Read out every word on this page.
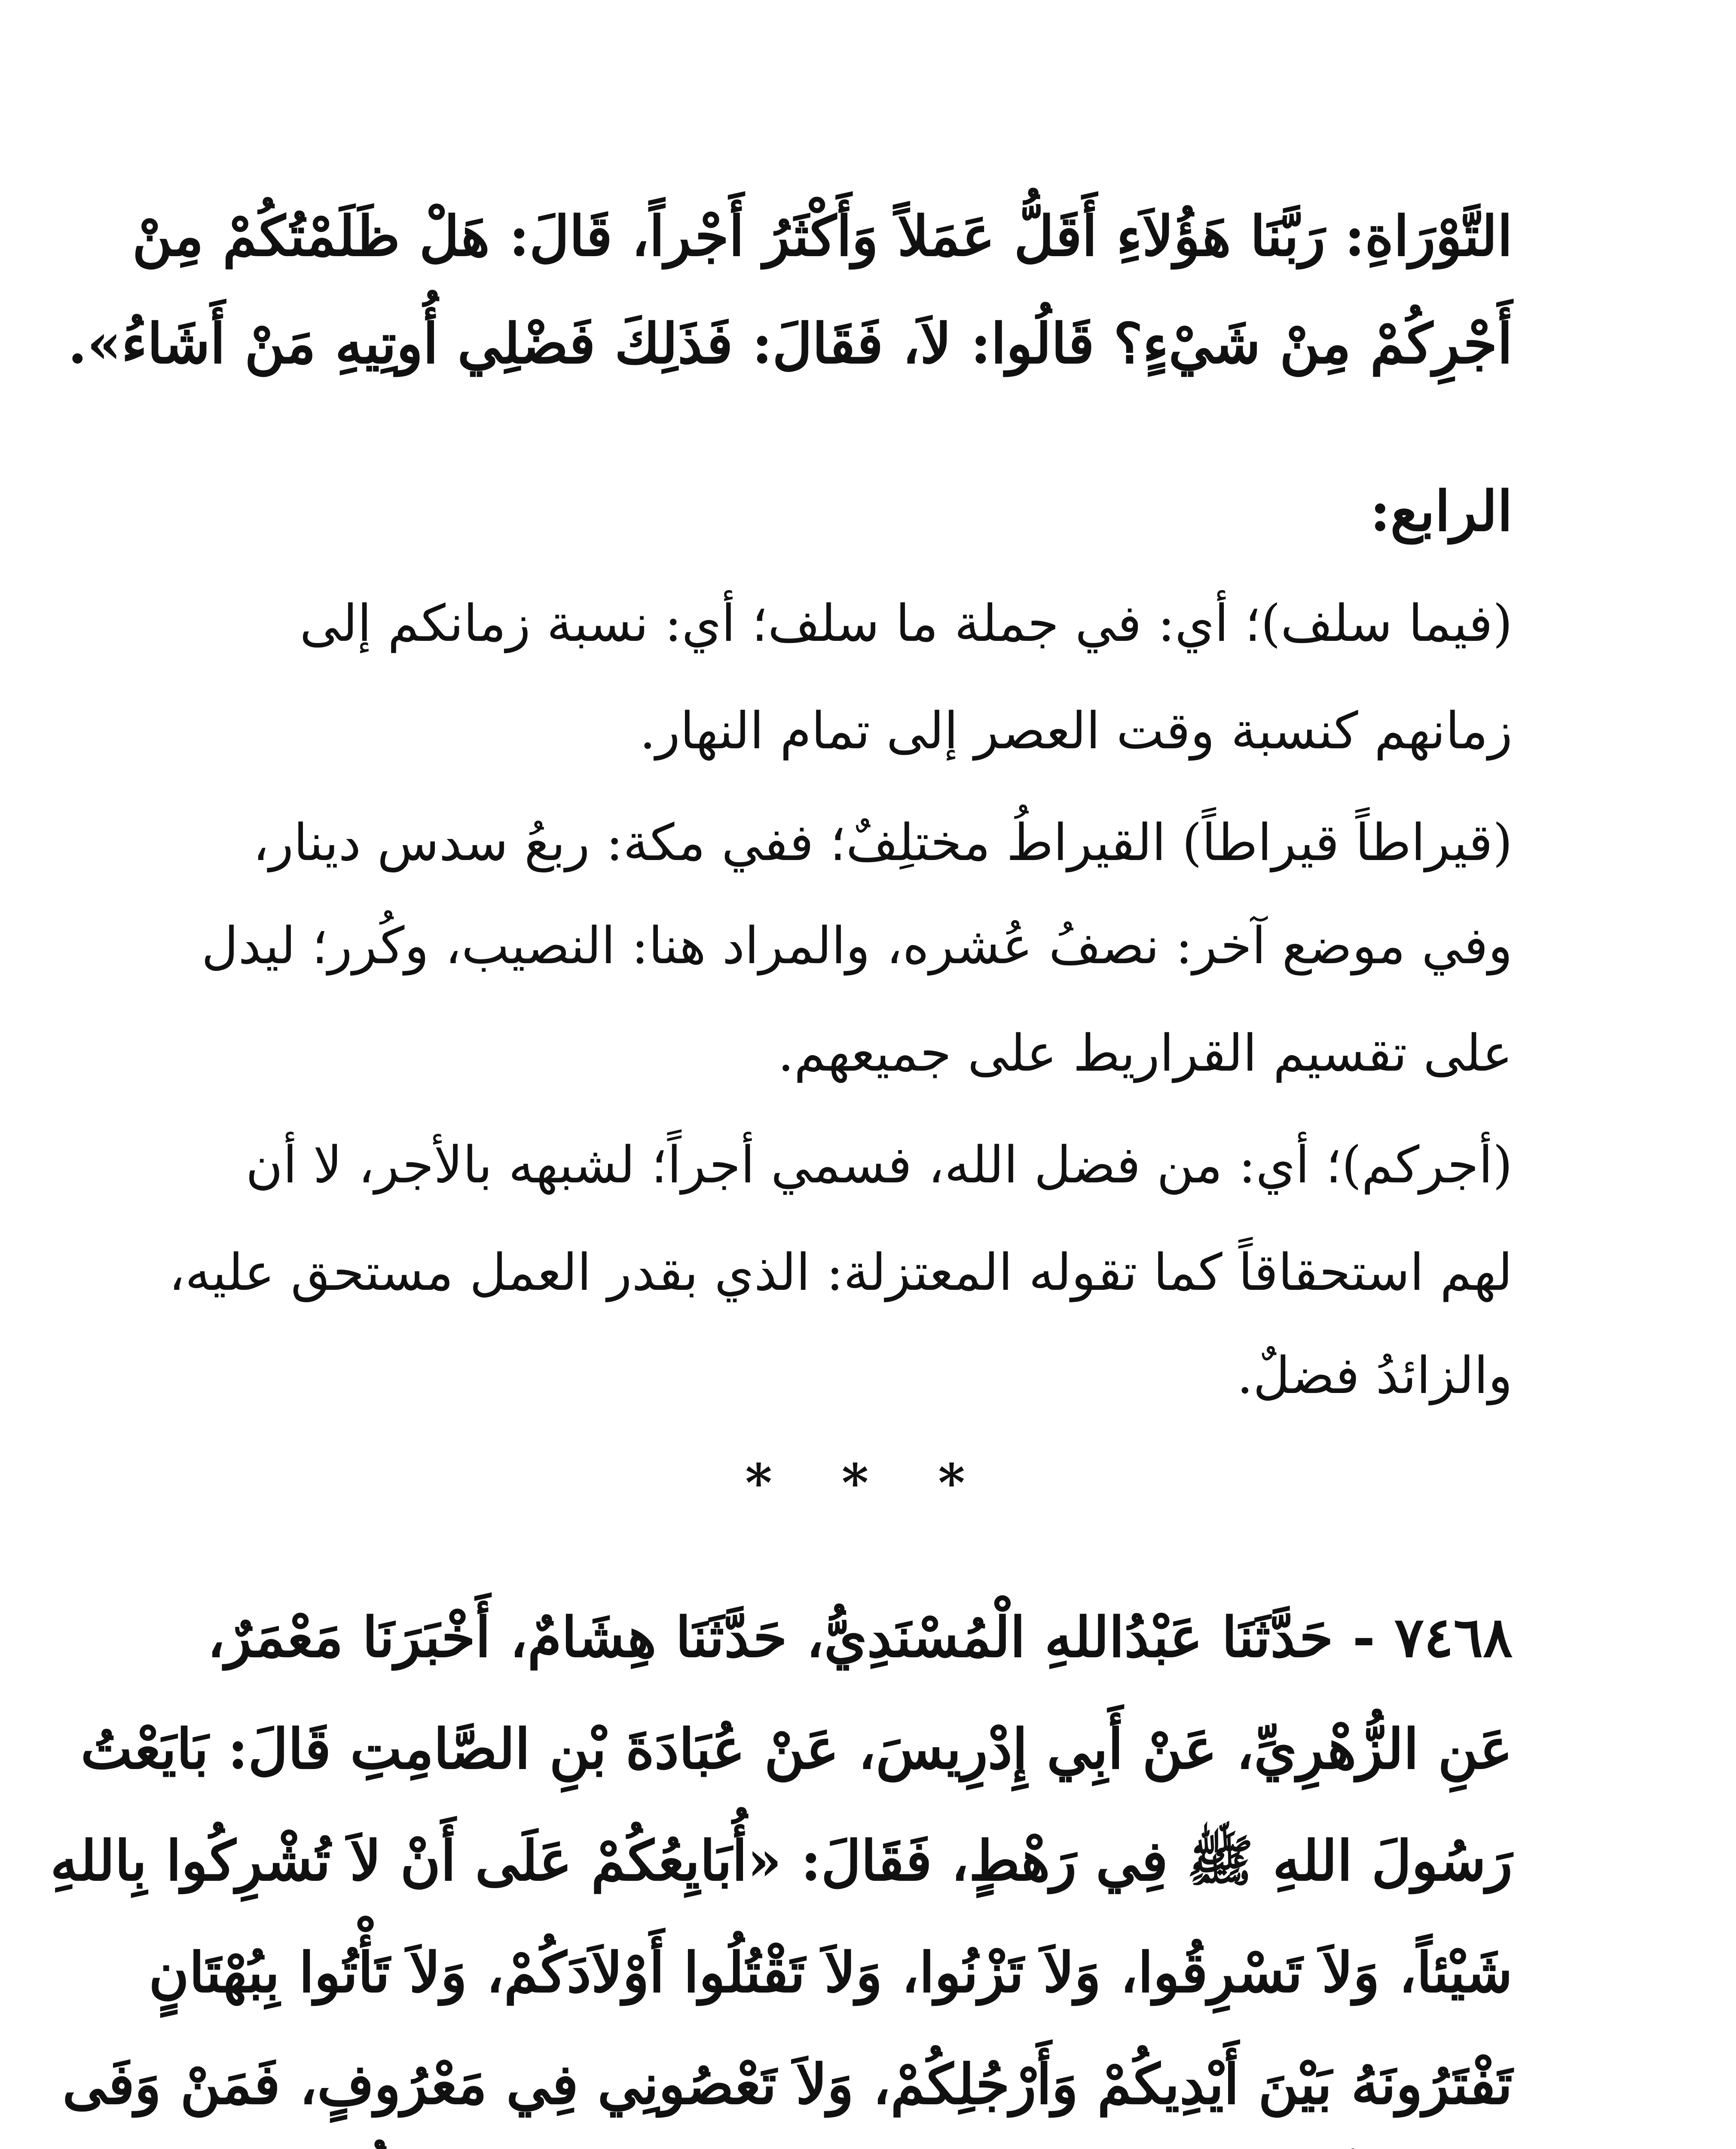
التَّوْرَاةِ: رَبَّنَا هَؤُلاَءِ أَقَلُّ عَمَلاً وَأَكْثَرُ أَجْراً، قَالَ: هَلْ ظَلَمْتُكُمْ مِنْ
أَجْرِكُمْ مِنْ شَيْءٍ؟ قَالُوا: لاَ، فَقَالَ: فَذَلِكَ فَضْلِي أُوتِيهِ مَنْ أَشَاءُ».
الرابع:
(فيما سلف)؛ أي: في جملة ما سلف؛ أي: نسبة زمانكم إلى
زمانهم كنسبة وقت العصر إلى تمام النهار.
(قيراطاً قيراطاً) القيراطُ مختلِفٌ؛ ففي مكة: ربعُ سدس دينار،
وفي موضع آخر: نصفُ عُشره، والمراد هنا: النصيب، وكُرر؛ ليدل
على تقسيم القراريط على جميعهم.
(أجركم)؛ أي: من فضل الله، فسمي أجراً؛ لشبهه بالأجر، لا أن
لهم استحقاقاً كما تقوله المعتزلة: الذي بقدر العمل مستحق عليه،
والزائدُ فضلٌ.
* * *
٧٤٦٨ - حَدَّثَنَا عَبْدُاللهِ الْمُسْنَدِيُّ، حَدَّثَنَا هِشَامٌ، أَخْبَرَنَا مَعْمَرٌ،
عَنِ الزُّهْرِيِّ، عَنْ أَبِي إِدْرِيسَ، عَنْ عُبَادَةَ بْنِ الصَّامِتِ قَالَ: بَايَعْتُ
رَسُولَ اللهِ ﷺ فِي رَهْطٍ، فَقَالَ: «أُبَايِعُكُمْ عَلَى أَنْ لاَ تُشْرِكُوا بِاللهِ
شَيْئاً، وَلاَ تَسْرِقُوا، وَلاَ تَزْنُوا، وَلاَ تَقْتُلُوا أَوْلاَدَكُمْ، وَلاَ تَأْتُوا بِبُهْتَانٍ
تَفْتَرُونَهُ بَيْنَ أَيْدِيكُمْ وَأَرْجُلِكُمْ، وَلاَ تَعْصُونِي فِي مَعْرُوفٍ، فَمَنْ وَفَى
